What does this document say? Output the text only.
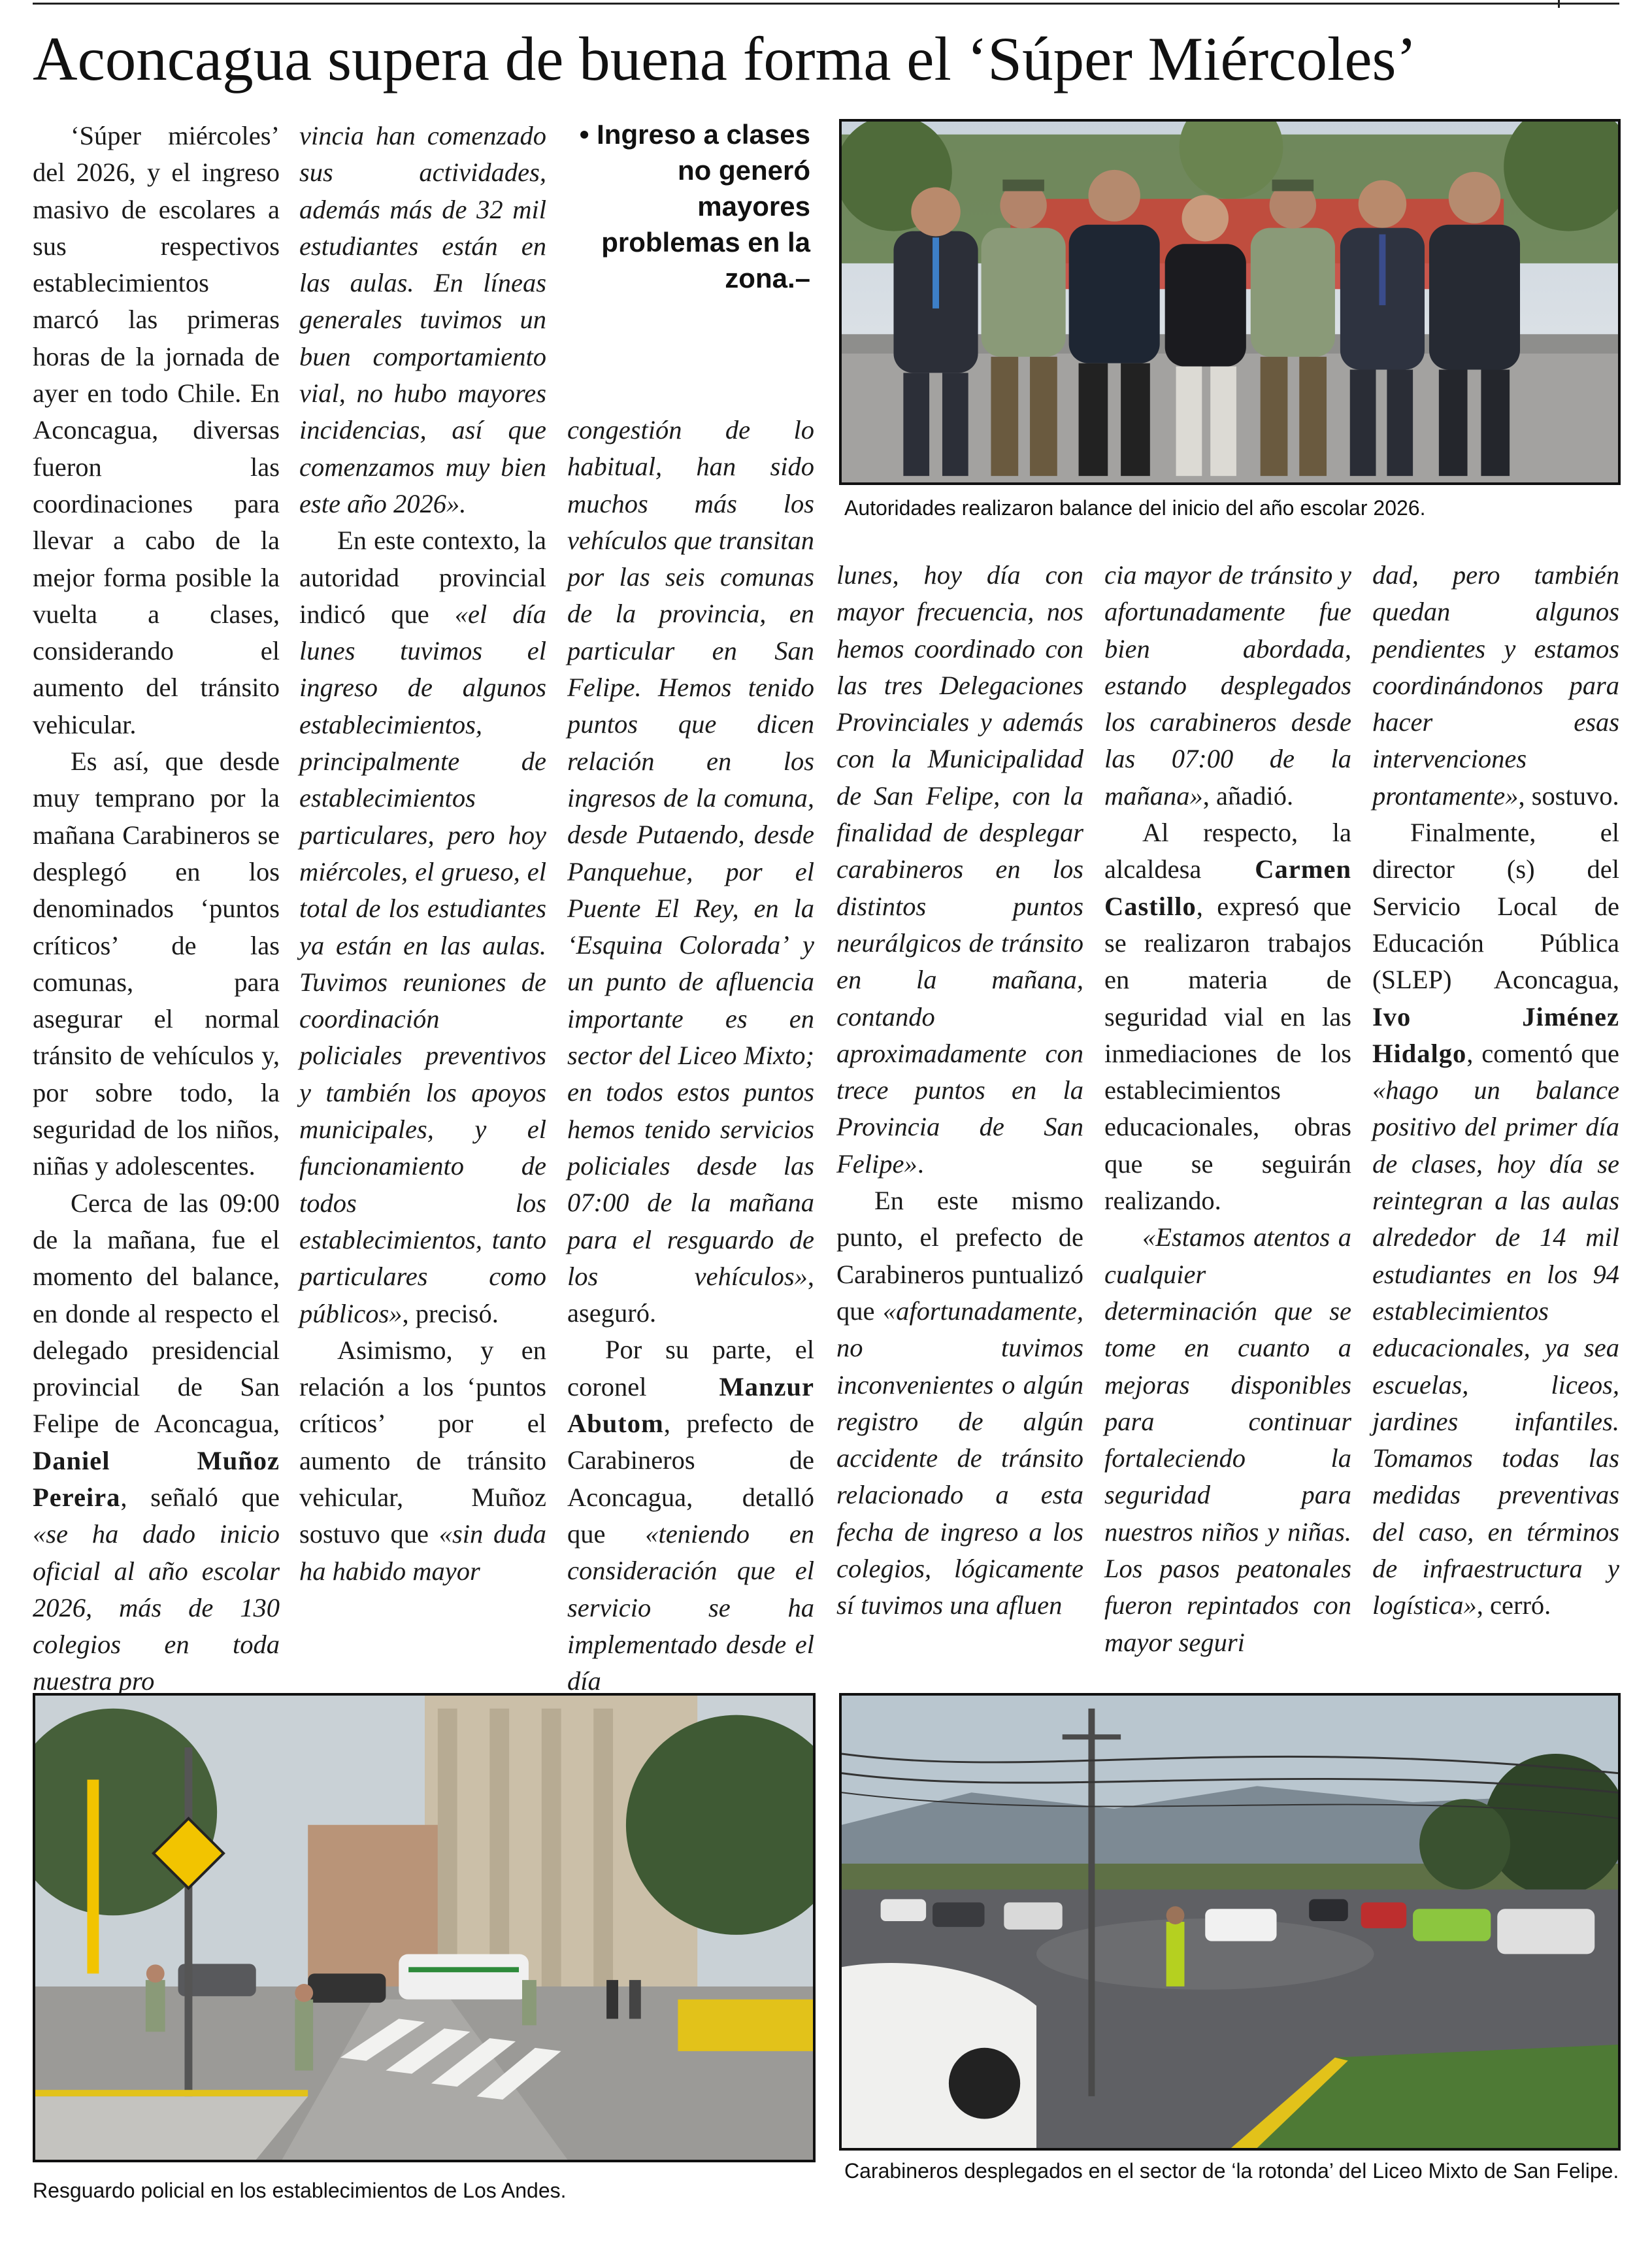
Aconcagua supera de buena forma el ‘Súper Miércoles’

‘Súper miércoles’ del 2026, y el ingreso masivo de escolares a sus respectivos establecimientos marcó las primeras horas de la jornada de ayer en todo Chile. En Aconcagua, diversas fueron las coordinaciones para llevar a cabo de la mejor forma posible la vuelta a clases, considerando el aumento del tránsito vehicular.

Es así, que desde muy temprano por la mañana Carabineros se desplegó en los denominados ‘puntos críticos’ de las comunas, para asegurar el normal tránsito de vehículos y, por sobre todo, la seguridad de los niños, niñas y adolescentes.

Cerca de las 09:00 de la mañana, fue el momento del balance, en donde al respecto el delegado presidencial provincial de San Felipe de Aconcagua, Daniel Muñoz Pereira, señaló que «se ha dado inicio oficial al año escolar 2026, más de 130 colegios en toda nuestra pro

vincia han comenzado sus actividades, además más de 32 mil estudiantes están en las aulas. En líneas generales tuvimos un buen comportamiento vial, no hubo mayores incidencias, así que comenzamos muy bien este año 2026».

En este contexto, la autoridad provincial indicó que «el día lunes tuvimos el ingreso de algunos establecimientos, principalmente de establecimientos particulares, pero hoy miércoles, el grueso, el total de los estudiantes ya están en las aulas. Tuvimos reuniones de coordinación policiales preventivos y también los apoyos municipales, y el funcionamiento de todos los establecimientos, tanto particulares como públicos», precisó.

Asimismo, y en relación a los ‘puntos críticos’ por el aumento de tránsito vehicular, Muñoz sostuvo que «sin duda ha habido mayor

• Ingreso a clases no generó mayores problemas en la zona.–

congestión de lo habitual, han sido muchos más los vehículos que transitan por las seis comunas de la provincia, en particular en San Felipe. Hemos tenido puntos que dicen relación en los ingresos de la comuna, desde Putaendo, desde Panquehue, por el Puente El Rey, en la ‘Esquina Colorada’ y un punto de afluencia importante es en sector del Liceo Mixto; en todos estos puntos hemos tenido servicios policiales desde las 07:00 de la mañana para el resguardo de los vehículos», aseguró.

Por su parte, el coronel	Manzur Abutom, prefecto de Carabineros de Aconcagua, detalló que «teniendo en consideración que el servicio se ha implementado desde el día

lunes, hoy día con mayor frecuencia, nos hemos coordinado con las tres Delegaciones Provinciales y además con la Municipalidad de San Felipe, con la finalidad de desplegar carabineros en los distintos puntos neurálgicos de tránsito en la mañana, contando aproximadamente con trece puntos en la Provincia de San Felipe».

En este mismo punto, el prefecto de Carabineros puntualizó que «afortunadamente, no tuvimos inconvenientes o algún registro de algún accidente de tránsito relacionado a esta fecha de ingreso a los colegios, lógicamente sí tuvimos una afluen

cia mayor de tránsito y afortunadamente fue bien abordada, estando desplegados los carabineros desde las 07:00 de la mañana», añadió.

Al respecto, la alcaldesa Carmen Castillo, expresó que se realizaron trabajos en materia de seguridad vial en las inmediaciones de los establecimientos educacionales, obras que se seguirán realizando.

«Estamos atentos a cualquier determinación que se tome en cuanto a mejoras disponibles para continuar fortaleciendo la seguridad para nuestros niños y niñas. Los pasos peatonales fueron repintados con mayor seguri

dad, pero también quedan algunos pendientes y estamos coordinándonos para hacer esas intervenciones prontamente», sostuvo.

Finalmente, el director (s) del Servicio Local de Educación Pública (SLEP) Aconcagua, Ivo Jiménez Hidalgo, comentó que «hago un balance positivo del primer día de clases, hoy día se reintegran a las aulas alrededor de 14 mil estudiantes en los 94 establecimientos educacionales, ya sea escuelas, liceos, jardines infantiles. Tomamos todas las medidas preventivas del caso, en términos de infraestructura y logística», cerró.

Autoridades realizaron balance del inicio del año escolar 2026.
Resguardo policial en los establecimientos de Los Andes.
Carabineros desplegados en el sector de ‘la rotonda’ del Liceo Mixto de San Felipe.
